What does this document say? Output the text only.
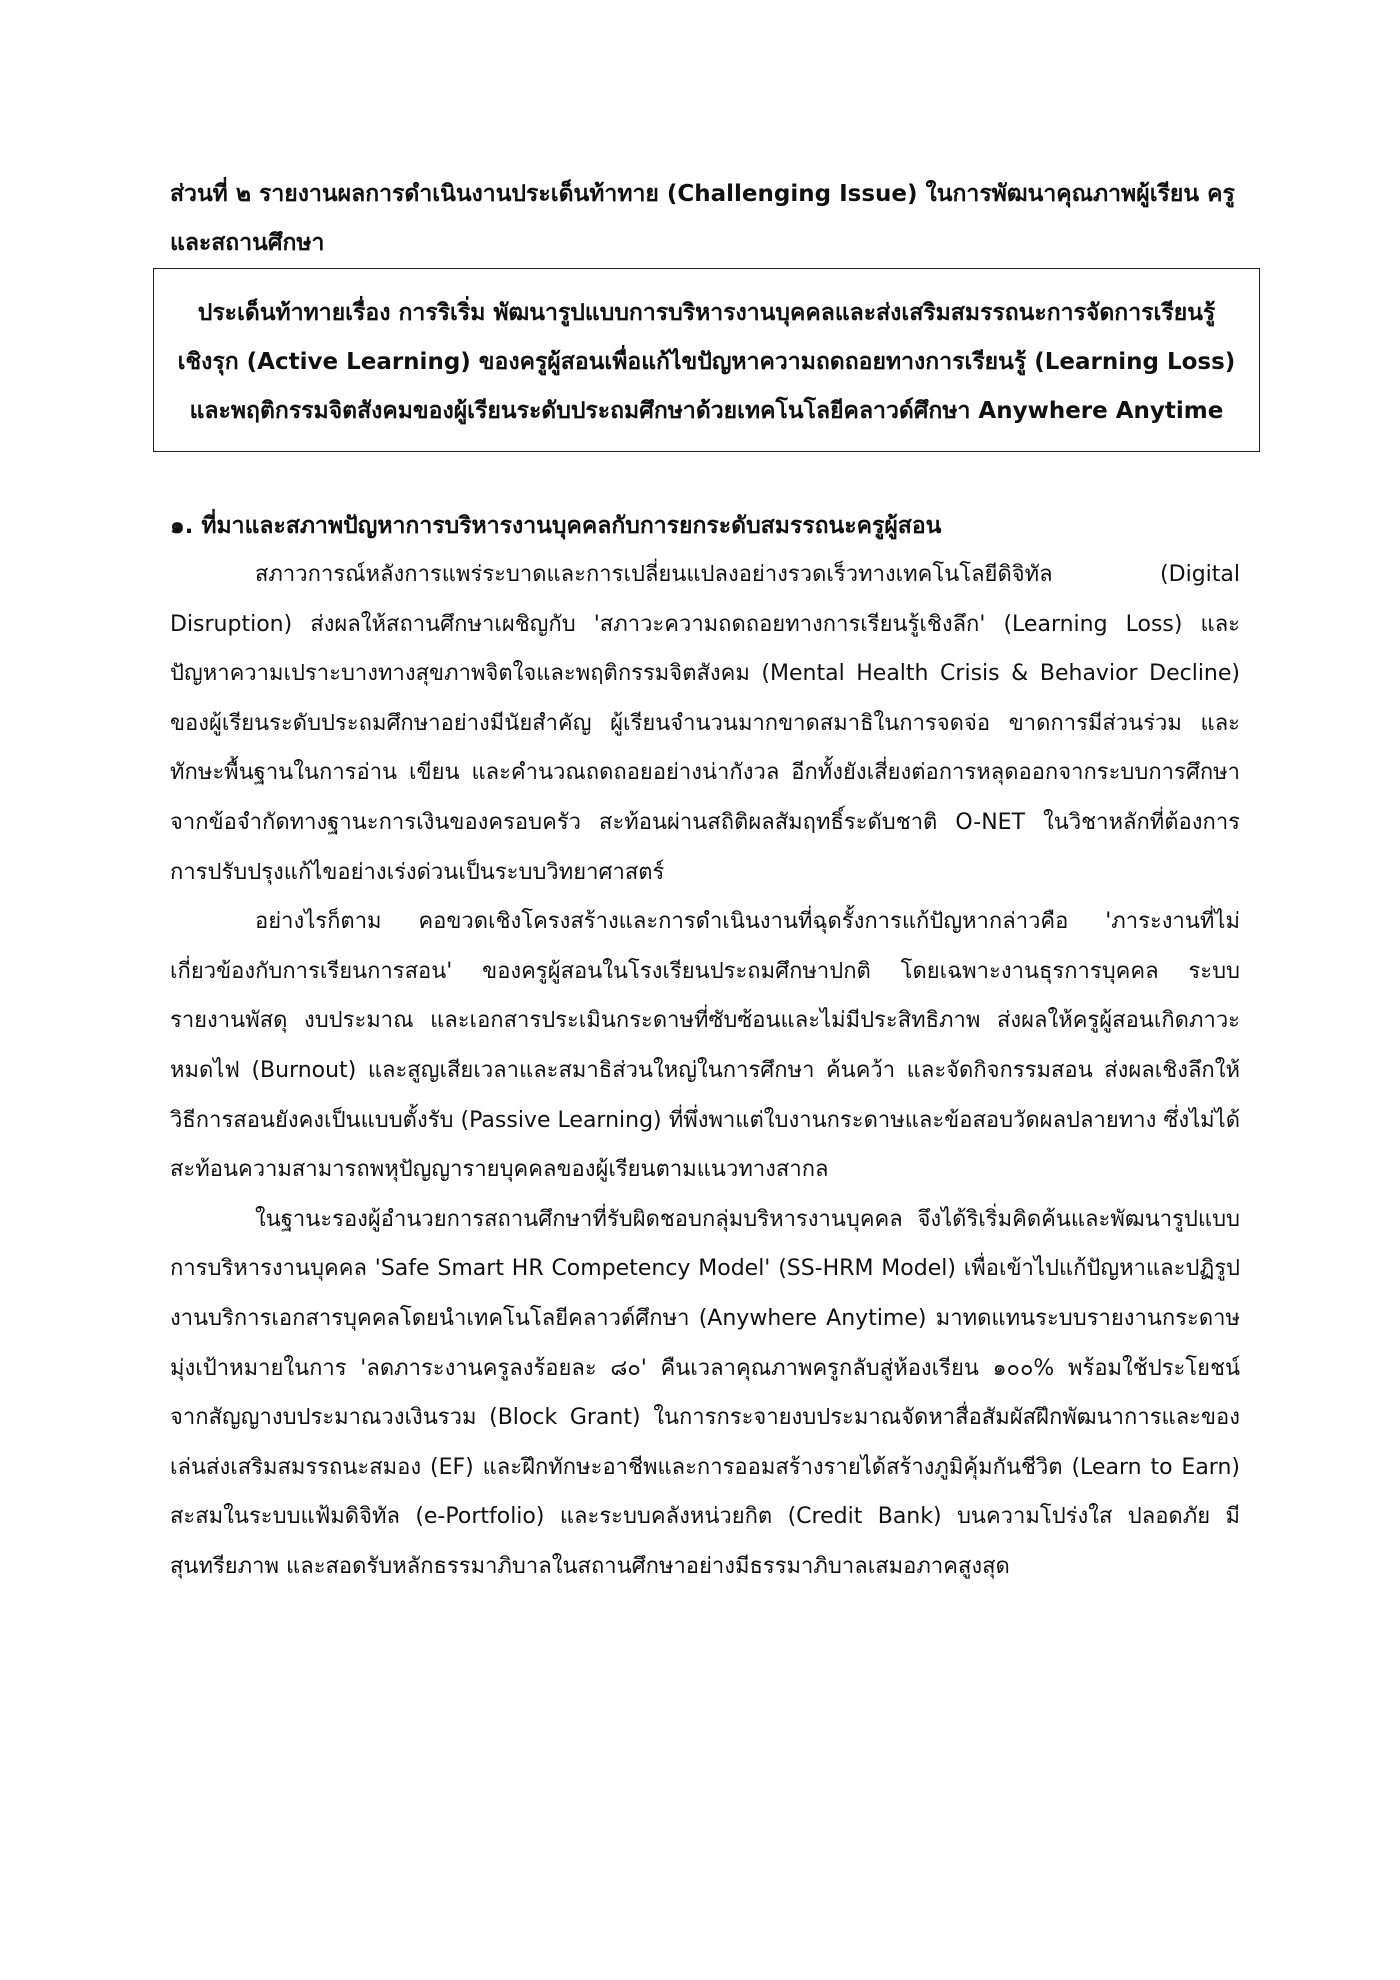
ส่วนที่ ๒ รายงานผลการดำเนินงานประเด็นท้าทาย (Challenging Issue) ในการพัฒนาคุณภาพผู้เรียน ครู และสถานศึกษา

ประเด็นท้าทายเรื่อง การริเริ่ม พัฒนารูปแบบการบริหารงานบุคคลและส่งเสริมสมรรถนะการจัดการเรียนรู้

เชิงรุก (Active Learning) ของครูผู้สอนเพื่อแก้ไขปัญหาความถดถอยทางการเรียนรู้ (Learning Loss)

และพฤติกรรมจิตสังคมของผู้เรียนระดับประถมศึกษาด้วยเทคโนโลยีคลาวด์ศึกษา Anywhere Anytime

๑. ที่มาและสภาพปัญหาการบริหารงานบุคคลกับการยกระดับสมรรถนะครูผู้สอน

สภาวการณ์หลังการแพร่ระบาดและการเปลี่ยนแปลงอย่างรวดเร็วทางเทคโนโลยีดิจิทัล (Digital Disruption) ส่งผลให้สถานศึกษาเผชิญกับ 'สภาวะความถดถอยทางการเรียนรู้เชิงลึก' (Learning Loss) และปัญหาความเปราะบางทางสุขภาพจิตใจและพฤติกรรมจิตสังคม (Mental Health Crisis & Behavior Decline) ของผู้เรียนระดับประถมศึกษาอย่างมีนัยสำคัญ ผู้เรียนจำนวนมากขาดสมาธิในการจดจ่อ ขาดการมีส่วนร่วม และทักษะพื้นฐานในการอ่าน เขียน และคำนวณถดถอยอย่างน่ากังวล อีกทั้งยังเสี่ยงต่อการหลุดออกจากระบบการศึกษาจากข้อจำกัดทางฐานะการเงินของครอบครัว สะท้อนผ่านสถิติผลสัมฤทธิ์ระดับชาติ O-NET ในวิชาหลักที่ต้องการการปรับปรุงแก้ไขอย่างเร่งด่วนเป็นระบบวิทยาศาสตร์

อย่างไรก็ตาม คอขวดเชิงโครงสร้างและการดำเนินงานที่ฉุดรั้งการแก้ปัญหากล่าวคือ 'ภาระงานที่ไม่เกี่ยวข้องกับการเรียนการสอน' ของครูผู้สอนในโรงเรียนประถมศึกษาปกติ โดยเฉพาะงานธุรการบุคคล ระบบรายงานพัสดุ งบประมาณ และเอกสารประเมินกระดาษที่ซับซ้อนและไม่มีประสิทธิภาพ ส่งผลให้ครูผู้สอนเกิดภาวะหมดไฟ (Burnout) และสูญเสียเวลาและสมาธิส่วนใหญ่ในการศึกษา ค้นคว้า และจัดกิจกรรมสอน ส่งผลเชิงลึกให้วิธีการสอนยังคงเป็นแบบตั้งรับ (Passive Learning) ที่พึ่งพาแต่ใบงานกระดาษและข้อสอบวัดผลปลายทาง ซึ่งไม่ได้สะท้อนความสามารถพหุปัญญารายบุคคลของผู้เรียนตามแนวทางสากล

ในฐานะรองผู้อำนวยการสถานศึกษาที่รับผิดชอบกลุ่มบริหารงานบุคคล จึงได้ริเริ่มคิดค้นและพัฒนารูปแบบการบริหารงานบุคคล 'Safe Smart HR Competency Model' (SS-HRM Model) เพื่อเข้าไปแก้ปัญหาและปฏิรูปงานบริการเอกสารบุคคลโดยนำเทคโนโลยีคลาวด์ศึกษา (Anywhere Anytime) มาทดแทนระบบรายงานกระดาษ มุ่งเป้าหมายในการ 'ลดภาระงานครูลงร้อยละ ๘๐' คืนเวลาคุณภาพครูกลับสู่ห้องเรียน ๑๐๐% พร้อมใช้ประโยชน์จากสัญญางบประมาณวงเงินรวม (Block Grant) ในการกระจายงบประมาณจัดหาสื่อสัมผัสฝึกพัฒนาการและของเล่นส่งเสริมสมรรถนะสมอง (EF) และฝึกทักษะอาชีพและการออมสร้างรายได้สร้างภูมิคุ้มกันชีวิต (Learn to Earn) สะสมในระบบแฟ้มดิจิทัล (e-Portfolio) และระบบคลังหน่วยกิต (Credit Bank) บนความโปร่งใส ปลอดภัย มีสุนทรียภาพ และสอดรับหลักธรรมาภิบาลในสถานศึกษาอย่างมีธรรมาภิบาลเสมอภาคสูงสุด
